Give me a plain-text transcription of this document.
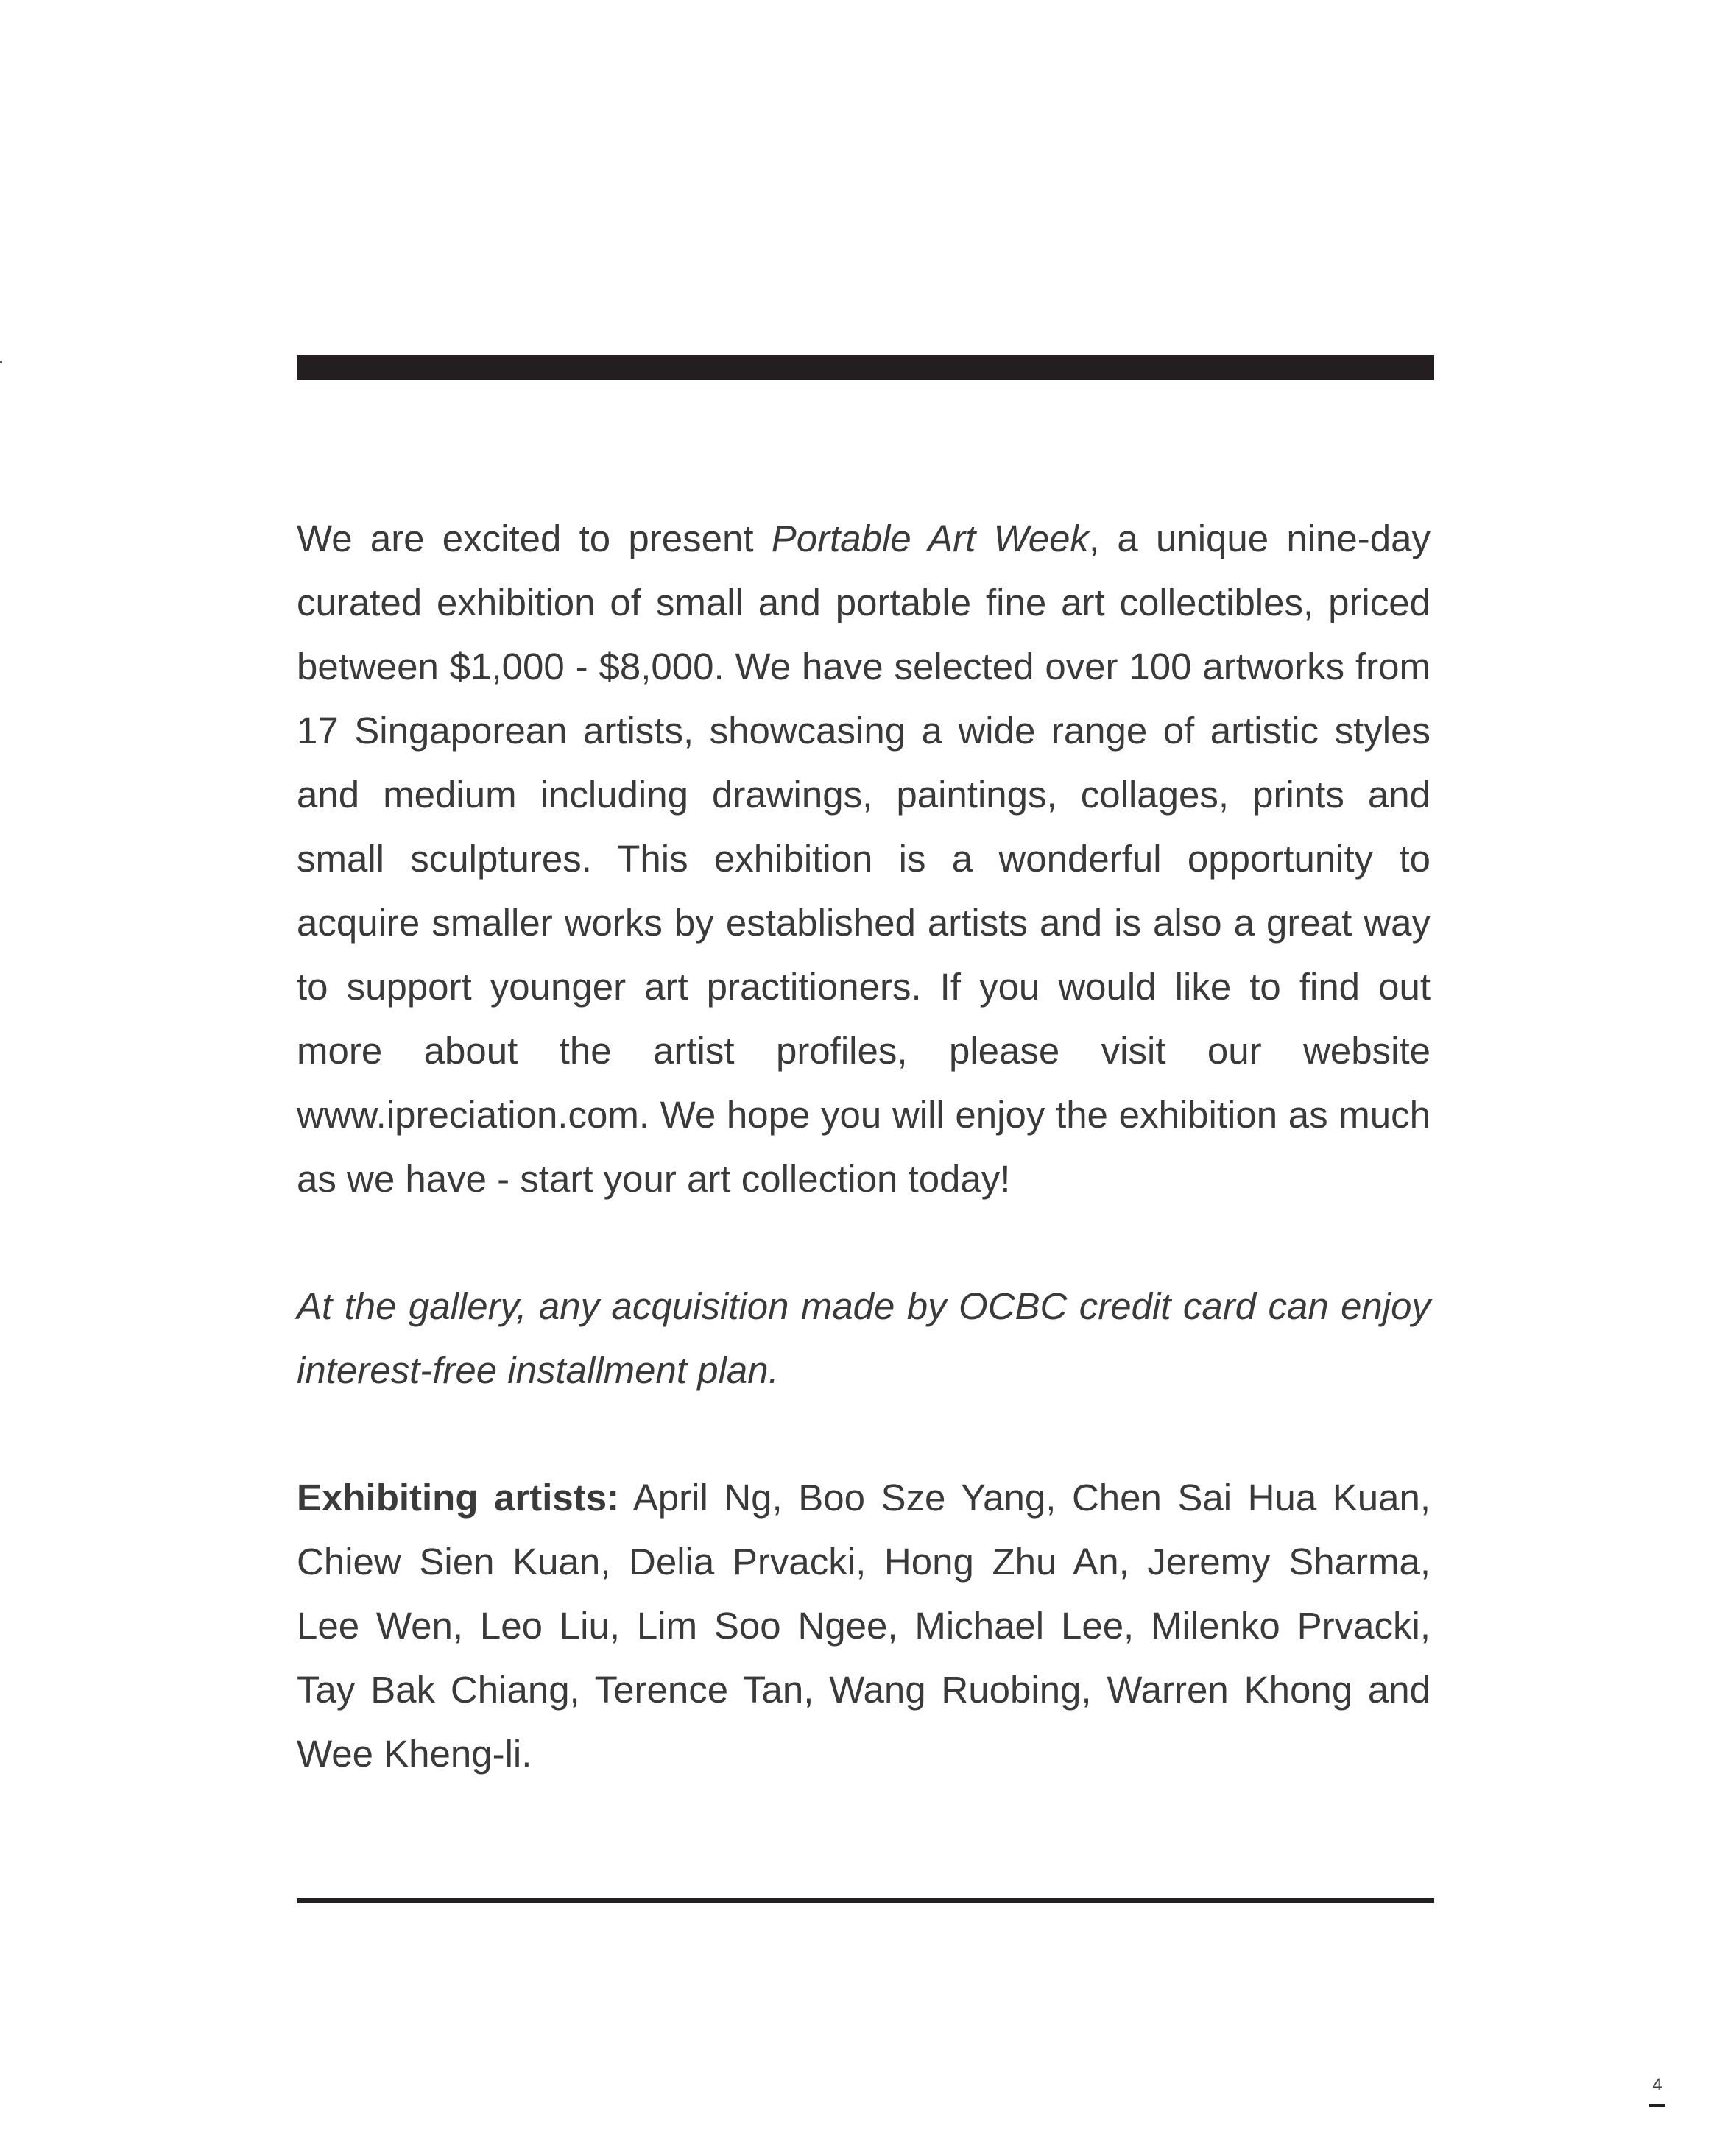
We are excited to present Portable Art Week, a unique nine-day curated exhibition of small and portable fine art collectibles, priced between $1,000 - $8,000. We have selected over 100 artworks from 17 Singaporean artists, showcasing a wide range of artistic styles and medium including drawings, paintings, collages, prints and small sculptures. This exhibition is a wonderful opportunity to acquire smaller works by established artists and is also a great way to support younger art practitioners. If you would like to find out more about the artist profiles, please visit our website www.ipreciation.com. We hope you will enjoy the exhibition as much as we have - start your art collection today!

At the gallery, any acquisition made by OCBC credit card can enjoy interest-free installment plan.

Exhibiting artists: April Ng, Boo Sze Yang, Chen Sai Hua Kuan, Chiew Sien Kuan, Delia Prvacki, Hong Zhu An, Jeremy Sharma, Lee Wen, Leo Liu, Lim Soo Ngee, Michael Lee, Milenko Prvacki, Tay Bak Chiang, Terence Tan, Wang Ruobing, Warren Khong and Wee Kheng-li.

4
